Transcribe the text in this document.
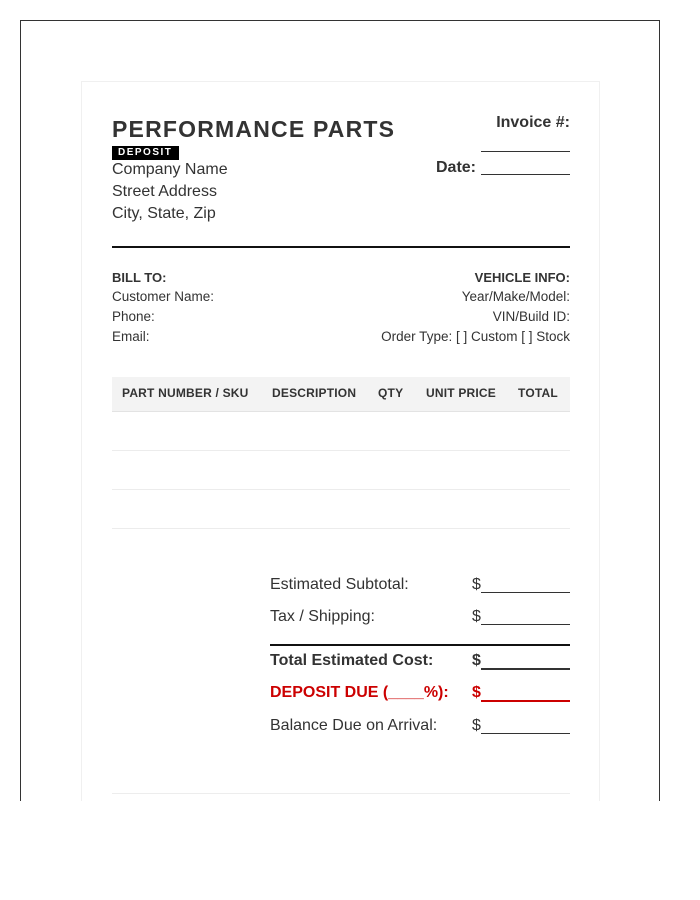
PERFORMANCE PARTS
DEPOSIT
Company Name
Street Address
City, State, Zip
Invoice #:
Date:
BILL TO:
Customer Name:
Phone:
Email:
VEHICLE INFO:
Year/Make/Model:
VIN/Build ID:
Order Type: [ ] Custom [ ] Stock
PART NUMBER / SKU DESCRIPTION QTY UNIT PRICE TOTAL
Estimated Subtotal:	$
Tax / Shipping:	$
Total Estimated Cost: $
DEPOSIT DUE (____%): $
Balance Due on Arrival: $
